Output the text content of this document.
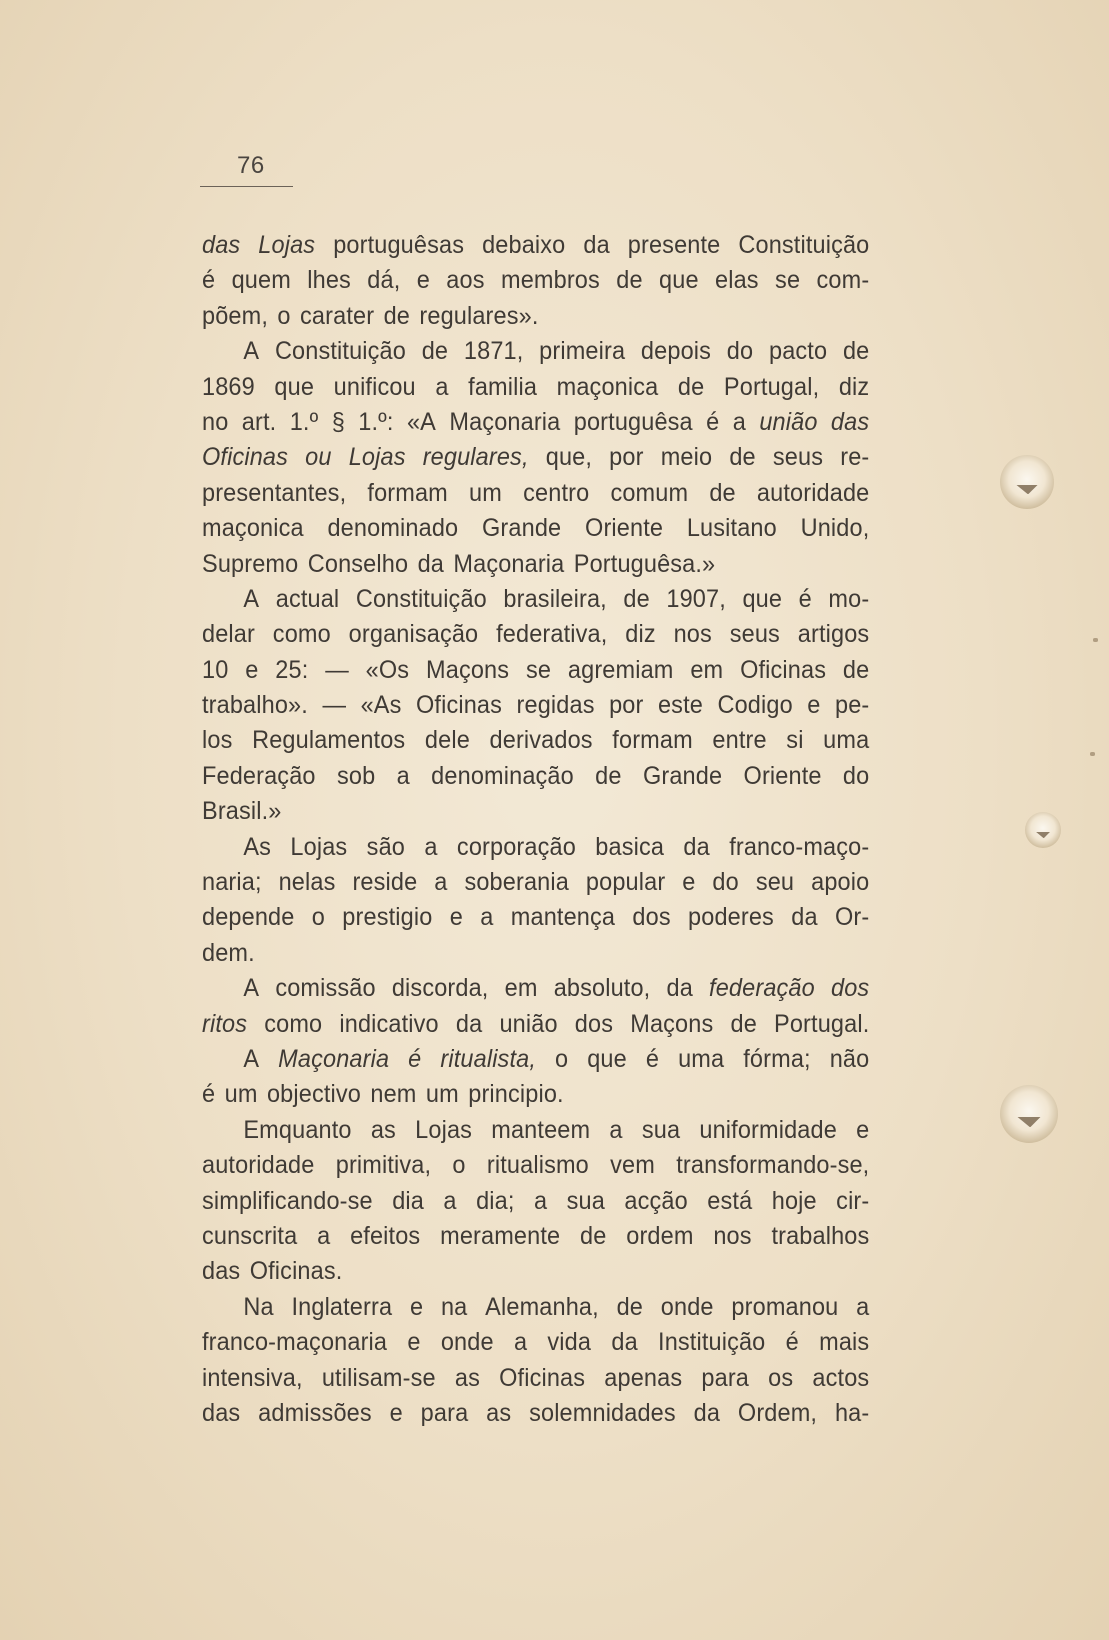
76
das Lojas portuguêsas debaixo da presente Constituição
é quem lhes dá, e aos membros de que elas se com-
põem, o carater de regulares».
A Constituição de 1871, primeira depois do pacto de
1869 que unificou a familia maçonica de Portugal, diz
no art. 1.º § 1.º: «A Maçonaria portuguêsa é a união das
Oficinas ou Lojas regulares, que, por meio de seus re-
presentantes, formam um centro comum de autoridade
maçonica denominado Grande Oriente Lusitano Unido,
Supremo Conselho da Maçonaria Portuguêsa.»
A actual Constituição brasileira, de 1907, que é mo-
delar como organisação federativa, diz nos seus artigos
10 e 25: — «Os Maçons se agremiam em Oficinas de
trabalho». — «As Oficinas regidas por este Codigo e pe-
los Regulamentos dele derivados formam entre si uma
Federação sob a denominação de Grande Oriente do
Brasil.»
As Lojas são a corporação basica da franco-maço-
naria; nelas reside a soberania popular e do seu apoio
depende o prestigio e a mantença dos poderes da Or-
dem.
A comissão discorda, em absoluto, da federação dos
ritos como indicativo da união dos Maçons de Portugal.
A Maçonaria é ritualista, o que é uma fórma; não
é um objectivo nem um principio.
Emquanto as Lojas manteem a sua uniformidade e
autoridade primitiva, o ritualismo vem transformando-se,
simplificando-se dia a dia; a sua acção está hoje cir-
cunscrita a efeitos meramente de ordem nos trabalhos
das Oficinas.
Na Inglaterra e na Alemanha, de onde promanou a
franco-maçonaria e onde a vida da Instituição é mais
intensiva, utilisam-se as Oficinas apenas para os actos
das admissões e para as solemnidades da Ordem, ha-
